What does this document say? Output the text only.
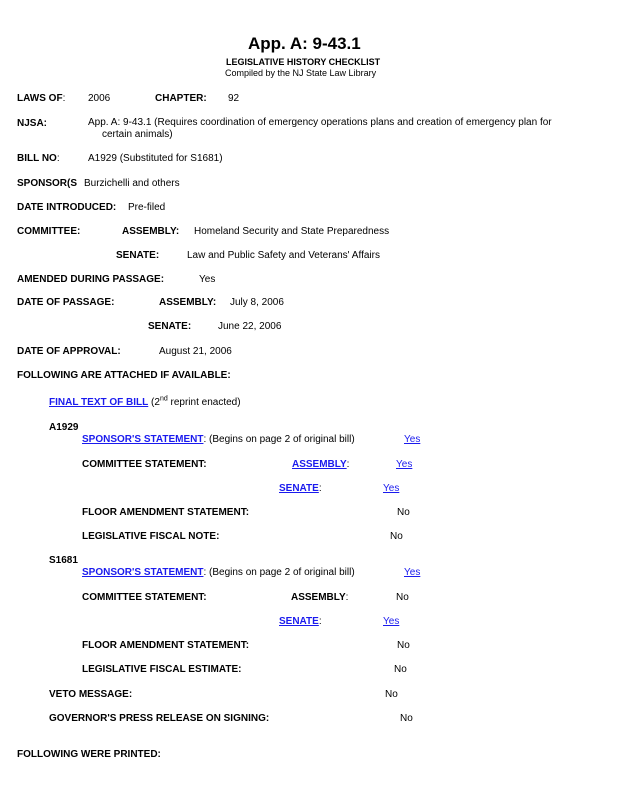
App. A: 9-43.1
LEGISLATIVE HISTORY CHECKLIST
Compiled by the NJ State Law Library
LAWS OF: 2006	CHAPTER: 92
NJSA:	App. A: 9-43.1 (Requires coordination of emergency operations plans and creation of emergency plan for
certain animals)
BILL NO:	A1929 (Substituted for S1681)
SPONSOR(S Burzichelli and others
DATE INTRODUCED: Pre-filed
COMMITTEE:	ASSEMBLY: Homeland Security and State Preparedness
SENATE:	Law and Public Safety and Veterans' Affairs
AMENDED DURING PASSAGE:	Yes
DATE OF PASSAGE:	ASSEMBLY: July 8, 2006
SENATE:	June 22, 2006
DATE OF APPROVAL:	August 21, 2006
FOLLOWING ARE ATTACHED IF AVAILABLE:
FINAL TEXT OF BILL (2nd reprint enacted)
A1929
SPONSOR'S STATEMENT: (Begins on page 2 of original bill)	Yes
COMMITTEE STATEMENT:	ASSEMBLY:	Yes
SENATE:	Yes
FLOOR AMENDMENT STATEMENT:	No
LEGISLATIVE FISCAL NOTE:	No
S1681
SPONSOR'S STATEMENT: (Begins on page 2 of original bill)	Yes
COMMITTEE STATEMENT:	ASSEMBLY:	No
SENATE:	Yes
FLOOR AMENDMENT STATEMENT:	No
LEGISLATIVE FISCAL ESTIMATE:	No
VETO MESSAGE:	No
GOVERNOR'S PRESS RELEASE ON SIGNING:	No
FOLLOWING WERE PRINTED:
